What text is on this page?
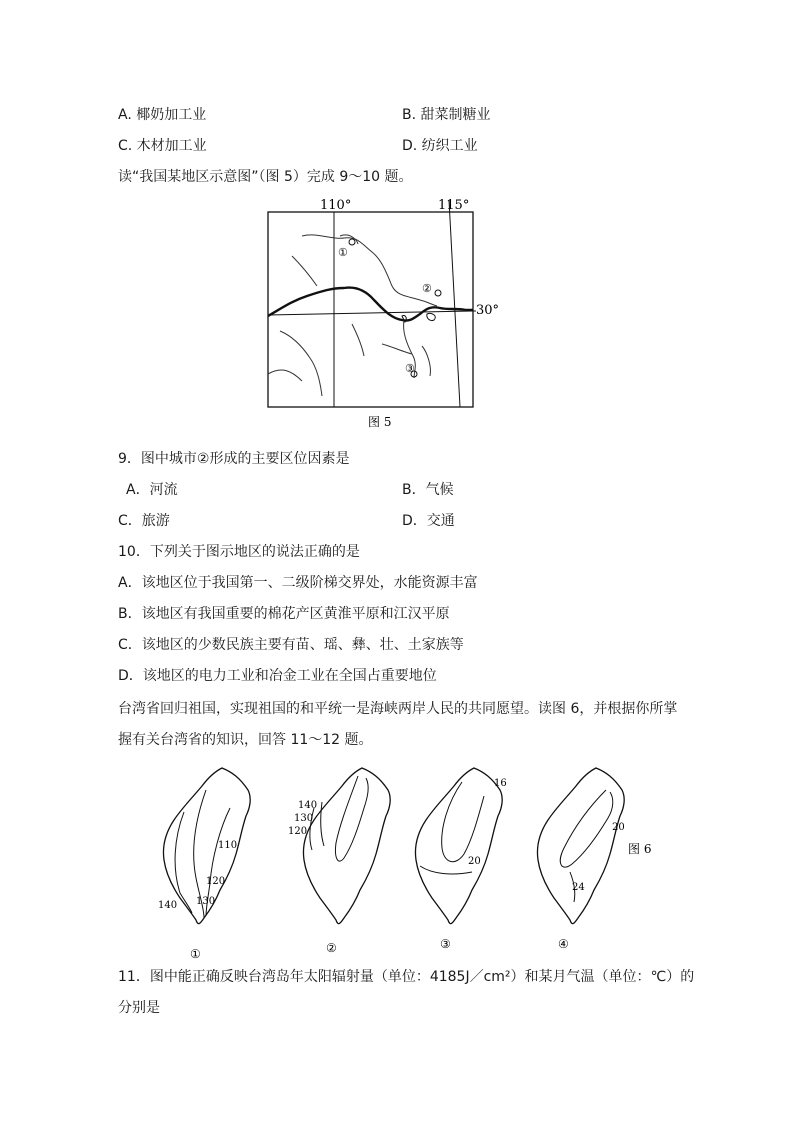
A. 椰奶加工业	B. 甜菜制糖业
C. 木材加工业	D. 纺织工业
读“我国某地区示意图”（图 5）完成 9～10 题。
110°	115°
30°
①
②
③
图 5
9．图中城市②形成的主要区位因素是
A．河流	B．气候
C．旅游	D．交通
10．下列关于图示地区的说法正确的是
A．该地区位于我国第一、二级阶梯交界处，水能资源丰富
B．该地区有我国重要的棉花产区黄淮平原和江汉平原
C．该地区的少数民族主要有苗、瑶、彝、壮、土家族等
D．该地区的电力工业和冶金工业在全国占重要地位
台湾省回归祖国，实现祖国的和平统一是海峡两岸人民的共同愿望。读图 6，并根据你所掌
握有关台湾省的知识，回答 11～12 题。
110
120
130
140
①
140
130
120
②
16
20
③
20
24
④
图 6
11．图中能正确反映台湾岛年太阳辐射量（单位：4185J／cm²）和某月气温（单位：℃）的
分别是
